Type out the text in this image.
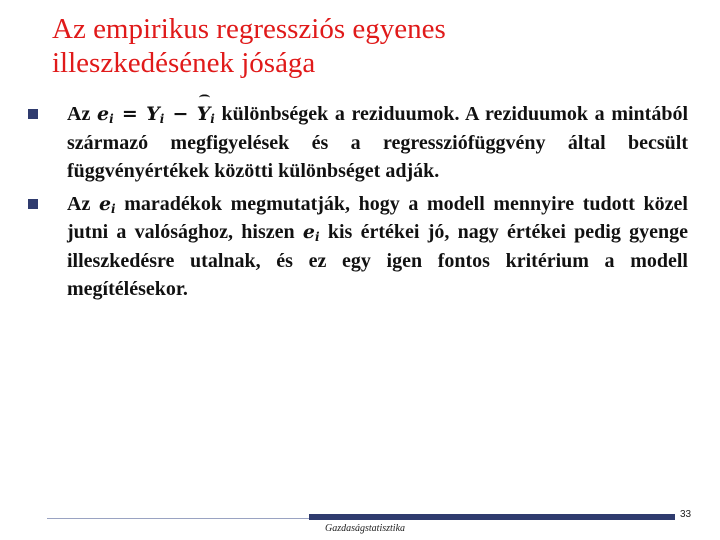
Az empirikus regressziós egyenes
illeszkedésének jósága
Az $e_i = Y_i - Y_i$ különbségek a reziduumok. A reziduumok a mintából származó megfigyelések és a regressziófüggvény által becsült függvényértékek közötti különbséget adják.
Az $e_i$ maradékok megmutatják, hogy a modell mennyire tudott közel jutni a valósághoz, hiszen $e_i$ kis értékei jó, nagy értékei pedig gyenge illeszkedésre utalnak, és ez egy igen fontos kritérium a modell megítélésekor.
33
Gazdaságstatisztika
